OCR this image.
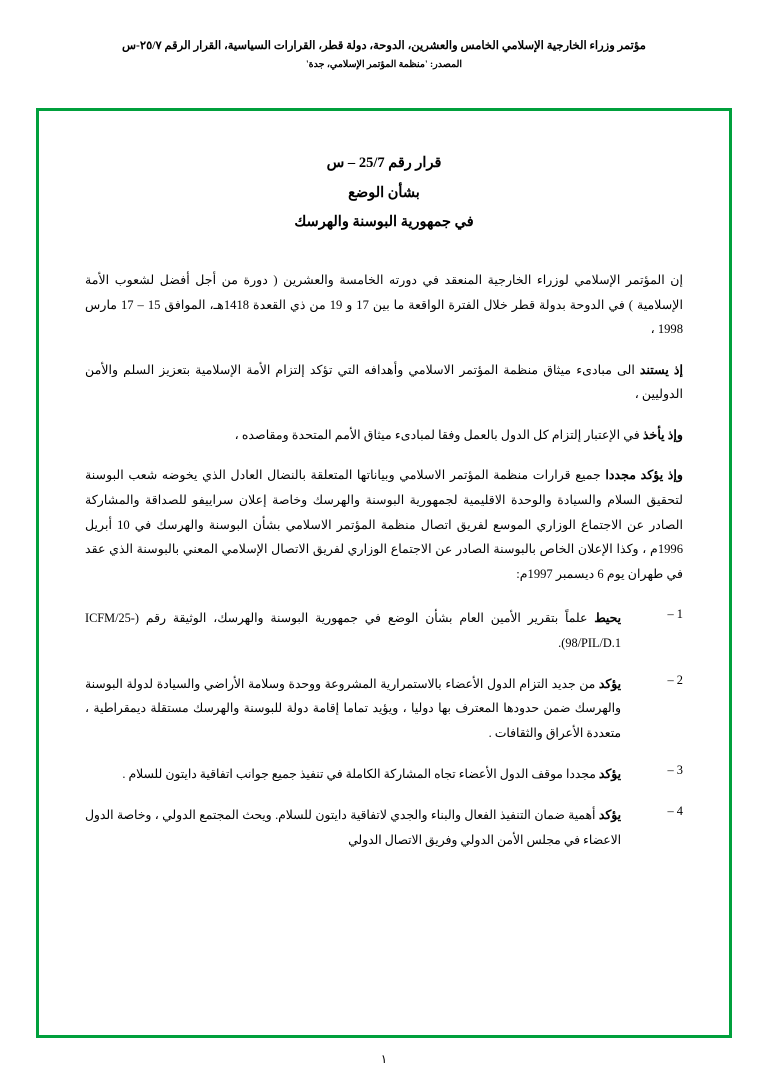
مؤتمر وزراء الخارجية الإسلامي الخامس والعشرين، الدوحة، دولة قطر، القرارات السياسية، القرار الرقم ٢٥/٧-س
المصدر: 'منظمة المؤتمر الإسلامي، جدة'
قرار رقم 25/7 – س
بشأن الوضع
في جمهورية البوسنة والهرسك

إن المؤتمر الإسلامي لوزراء الخارجية المنعقد في دورته الخامسة والعشرين ( دورة من أجل أفضل لشعوب الأمة الإسلامية ) في الدوحة بدولة قطر خلال الفترة الواقعة ما بين 17 و 19 من ذي القعدة 1418هـ، الموافق 15 – 17 مارس 1998 ،

إذ يستند الى مبادىء ميثاق منظمة المؤتمر الاسلامي وأهدافه التي تؤكد إلتزام الأمة الإسلامية بتعزيز السلم والأمن الدوليين ،

وإذ يأخذ في الإعتبار إلتزام كل الدول بالعمل وفقا لمبادىء ميثاق الأمم المتحدة ومقاصده ،

وإذ يؤكد مجددا جميع قرارات منظمة المؤتمر الاسلامي وبياناتها المتعلقة بالنضال العادل الذي يخوضه شعب البوسنة لتحقيق السلام والسيادة والوحدة الاقليمية لجمهورية البوسنة والهرسك وخاصة إعلان سراييفو للصداقة والمشاركة الصادر عن الاجتماع الوزاري الموسع لفريق اتصال منظمة المؤتمر الاسلامي بشأن البوسنة والهرسك في 10 أبريل 1996م ، وكذا الإعلان الخاص بالبوسنة الصادر عن الاجتماع الوزاري لفريق الاتصال الإسلامي المعني بالبوسنة الذي عقد في طهران يوم 6 ديسمبر 1997م:

1 –
يحيط علماً بتقرير الأمين العام بشأن الوضع في جمهورية البوسنة والهرسك، الوثيقة رقم (ICFM/25-98/PIL/D.1).
2 –
يؤكد من جديد التزام الدول الأعضاء بالاستمرارية المشروعة ووحدة وسلامة الأراضي والسيادة لدولة البوسنة والهرسك ضمن حدودها المعترف بها دوليا ، ويؤيد تماما إقامة دولة للبوسنة والهرسك مستقلة ديمقراطية ، متعددة الأعراق والثقافات .
3 –
يؤكد مجددا موقف الدول الأعضاء تجاه المشاركة الكاملة في تنفيذ جميع جوانب اتفاقية دايتون للسلام .
4 –
يؤكد أهمية ضمان التنفيذ الفعال والبناء والجدي لاتفاقية دايتون للسلام. ويحث المجتمع الدولي ، وخاصة الدول الاعضاء في مجلس الأمن الدولي وفريق الاتصال الدولي
١
